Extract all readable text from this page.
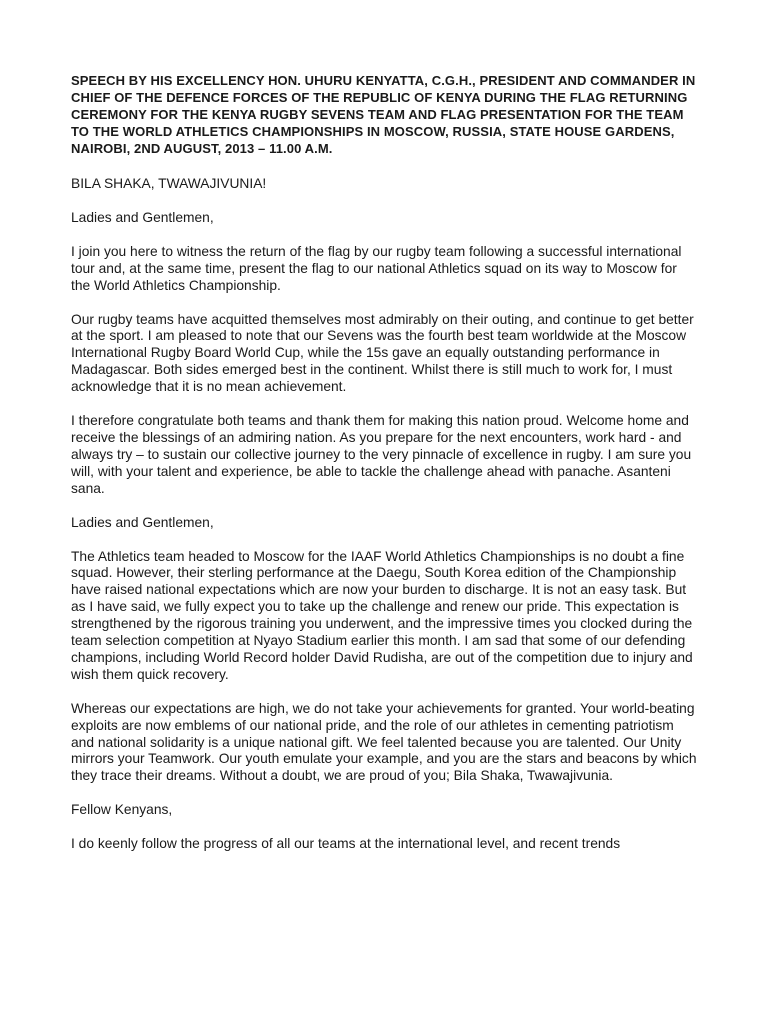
SPEECH BY HIS EXCELLENCY HON. UHURU KENYATTA, C.G.H., PRESIDENT AND COMMANDER IN CHIEF OF THE DEFENCE FORCES OF THE REPUBLIC OF KENYA DURING THE FLAG RETURNING CEREMONY FOR THE KENYA RUGBY SEVENS TEAM AND FLAG PRESENTATION FOR THE TEAM TO THE WORLD ATHLETICS CHAMPIONSHIPS IN MOSCOW, RUSSIA, STATE HOUSE GARDENS, NAIROBI, 2ND AUGUST, 2013 – 11.00 A.M.

BILA SHAKA, TWAWAJIVUNIA!

Ladies and Gentlemen,

I join you here to witness the return of the flag by our rugby team following a successful international tour and, at the same time, present the flag to our national Athletics squad on its way to Moscow for the World Athletics Championship.

Our rugby teams have acquitted themselves most admirably on their outing, and continue to get better at the sport. I am pleased to note that our Sevens was the fourth best team worldwide at the Moscow International Rugby Board World Cup, while the 15s gave an equally outstanding performance in Madagascar. Both sides emerged best in the continent. Whilst there is still much to work for, I must acknowledge that it is no mean achievement.

I therefore congratulate both teams and thank them for making this nation proud. Welcome home and receive the blessings of an admiring nation. As you prepare for the next encounters, work hard - and always try – to sustain our collective journey to the very pinnacle of excellence in rugby. I am sure you will, with your talent and experience, be able to tackle the challenge ahead with panache. Asanteni sana.

Ladies and Gentlemen,

The Athletics team headed to Moscow for the IAAF World Athletics Championships is no doubt a fine squad. However, their sterling performance at the Daegu, South Korea edition of the Championship have raised national expectations which are now your burden to discharge. It is not an easy task. But as I have said, we fully expect you to take up the challenge and renew our pride. This expectation is strengthened by the rigorous training you underwent, and the impressive times you clocked during the team selection competition at Nyayo Stadium earlier this month. I am sad that some of our defending champions, including World Record holder David Rudisha, are out of the competition due to injury and wish them quick recovery.

Whereas our expectations are high, we do not take your achievements for granted. Your world-beating exploits are now emblems of our national pride, and the role of our athletes in cementing patriotism and national solidarity is a unique national gift. We feel talented because you are talented. Our Unity mirrors your Teamwork. Our youth emulate your example, and you are the stars and beacons by which they trace their dreams. Without a doubt, we are proud of you; Bila Shaka, Twawajivunia.

Fellow Kenyans,

I do keenly follow the progress of all our teams at the international level, and recent trends
